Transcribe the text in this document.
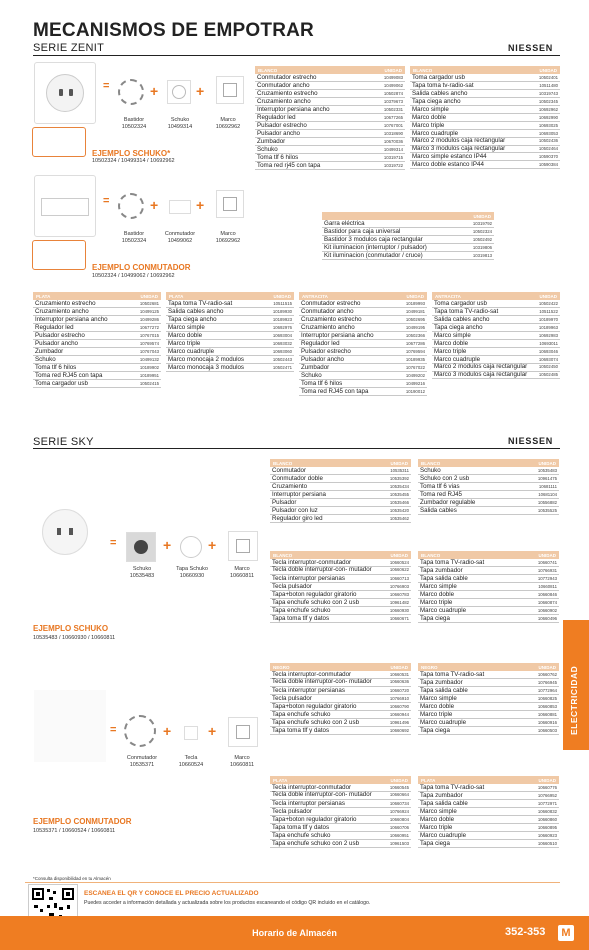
MECANISMOS DE EMPOTRAR
SERIE ZENIT	NIESSEN
=	+	+
Bastidor
10502324
Schuko
10499314
Marco
10692962
EJEMPLO SCHUKO*
10502324 / 10499314 / 10692962
=	+	+
Bastidor
10502324
Conmutador
10499062
Marco
10692962
EJEMPLO CONMUTADOR
10502324 / 10499062 / 10692962
BLANCO	UNIDAD
Conmutador estrecho	10499083
Conmutador ancho	10499062
Cruzamiento estrecho	10502874
Cruzamiento ancho	10379673
Interruptor persiana ancho	10502331
Regulador led	10677265
Pulsador estrecho	10767001
Pulsador ancho	10318690
Zumbador	10670036
Schuko	10499314
Toma tlf 6 hilos	10319715
Toma red rj45 con tapa	10319722
BLANCO	UNIDAD
Toma cargador usb	10502401
Tapa toma tv-radio-sat	10511480
Salida cables ancho	10319743
Tapa ciega ancho	10502345
Marco simple	10692962
Marco doble	10692990
Marco triple	10693025
Marco cuadruple	10693053
Marco 2 modulos caja rectangular	10502436
Marco 3 modulos caja rectangular	10502464
Marco simple estanco IP44	10590370
Marco doble estanco IP44	10590384
UNIDAD
Garra eléctrica	10319792
Bastidor para caja universal	10502324
Bastidor 3 modulos caja rectangular	10502492
Kit iluminacion (interruptor / pulsador)	10319806
Kit iluminacion (conmutador / cruce)	10319813
PLATA	UNIDAD
Cruzamiento estrecho	10502681
Cruzamiento ancho	10499125
Interruptor persiana ancho	10499286
Regulador led	10677272
Pulsador estrecho	10767015
Pulsador ancho	10769574
Zumbador	10767043
Schuko	10499132
Toma tlf 6 hilos	10189902
Toma red RJ45 con tapa	10189951
Toma cargador usb	10502415
PLATA	UNIDAD
Tapa toma TV-radio-sat	10511515
Salida cables ancho	10189930
Tapa ciega ancho	10189923
Marco simple	10692976
Marco doble	10693004
Marco triple	10693032
Marco cuadruple	10693060
Marco monocaja 2 modulos	10502443
Marco monocaja 3 modulos	10502471
ANTRACITA	UNIDAD
Conmutador estrecho	10189993
Conmutador ancho	10499181
Cruzamiento estrecho	10502695
Cruzamiento ancho	10499195
Interruptor persiana ancho	10502366
Regulador led	10677286
Pulsador estrecho	10769594
Pulsador ancho	10189935
Zumbador	10767022
Schuko	10499202
Toma tlf 6 hilos	10499216
Toma red RJ45 con tapa	10190012
ANTRACITA	UNIDAD
Toma cargador usb	10502422
Tapa toma TV-radio-sat	10511522
Salida cables ancho	10189970
Tapa ciega ancho	10189963
Marco simple	10692983
Marco doble	10693011
Marco triple	10693046
Marco cuadruple	10693074
Marco 2 modulos caja rectangular	10502450
Marco 3 modulos caja rectangular	10502485
SERIE SKY	NIESSEN
=	+	+
Schuko
10535483
Tapa Schuko
10660930
Marco
10660811
EJEMPLO SCHUKO
10535483 / 10660930 / 10660811
=	+	+
Conmutador
10535371
Tecla
10660524
Marco
10660811
EJEMPLO CONMUTADOR
10535371 / 10660524 / 10660811
BLANCO	UNIDAD
Conmutador	10535311
Conmutador doble	10535392
Cruzamiento	10535434
Interruptor persiana	10535455
Pulsador	10535466
Pulsador con luz	10535420
Regulador giro led	10535462
BLANCO	UNIDAD
Schuko	10535483
Schuko con 2 usb	10961475
Toma tlf 6 vias	10681111
Toma red RJ45	10681104
Zumbador regulable	10556882
Salida cables	10535525
BLANCO	UNIDAD
Tecla interruptor-conmutador	10660524
Tecla doble interruptor-con- mutador	10660622
Tecla interruptor persianas	10660713
Tecla pulsador	10766903
Tapa+boton regulador giratorio	10660783
Tapa enchufe schuko con 2 usb	10961482
Tapa enchufe schuko	10660930
Tapa toma tlf y datos	10660671
BLANCO	UNIDAD
Tapa toma TV-radio-sat	10660741
Tapa zumbador	10766931
Tapa salida cable	10772943
Marco simple	10660811
Marco doble	10660846
Marco triple	10660874
Marco cuadruple	10660902
Tapa ciega	10660496
NEGRO	UNIDAD
Tecla interruptor-conmutador	10660531
Tecla doble interruptor-con- mutador	10660636
Tecla interruptor persianas	10660720
Tecla pulsador	10766910
Tapa+boton regulador giratorio	10660790
Tapa enchufe schuko	10660944
Tapa enchufe schuko con 2 usb	10961496
Tapa toma tlf y datos	10660692
NEGRO	UNIDAD
Tapa toma TV-radio-sat	10660762
Tapa zumbador	10766945
Tapa salida cable	10772964
Marco simple	10660825
Marco doble	10660853
Marco triple	10660881
Marco cuadruple	10660916
Tapa ciega	10660503
PLATA	UNIDAD
Tecla interruptor-conmutador	10660545
Tecla doble interruptor-con- mutador	10660664
Tecla interruptor persianas	10660734
Tecla pulsador	10766924
Tapa+boton regulador giratorio	10660804
Tapa toma tlf y datos	10660706
Tapa enchufe schuko	10660951
Tapa enchufe schuko con 2 usb	10961503
PLATA	UNIDAD
Tapa toma TV-radio-sat	10660776
Tapa zumbador	10766952
Tapa salida cable	10772971
Marco simple	10660832
Marco doble	10660860
Marco triple	10660895
Marco cuadruple	10660923
Tapa ciega	10660510
ELECTRICIDAD
*Consulta disponibilidad en tu Almacén
ESCANEA EL QR Y CONOCE EL PRECIO ACTUALIZADO
Puedes acceder a información detallada y actualizada sobre los productos escaneando el código QR incluido en el catálogo.
Horario de Almacén	352-353	M
